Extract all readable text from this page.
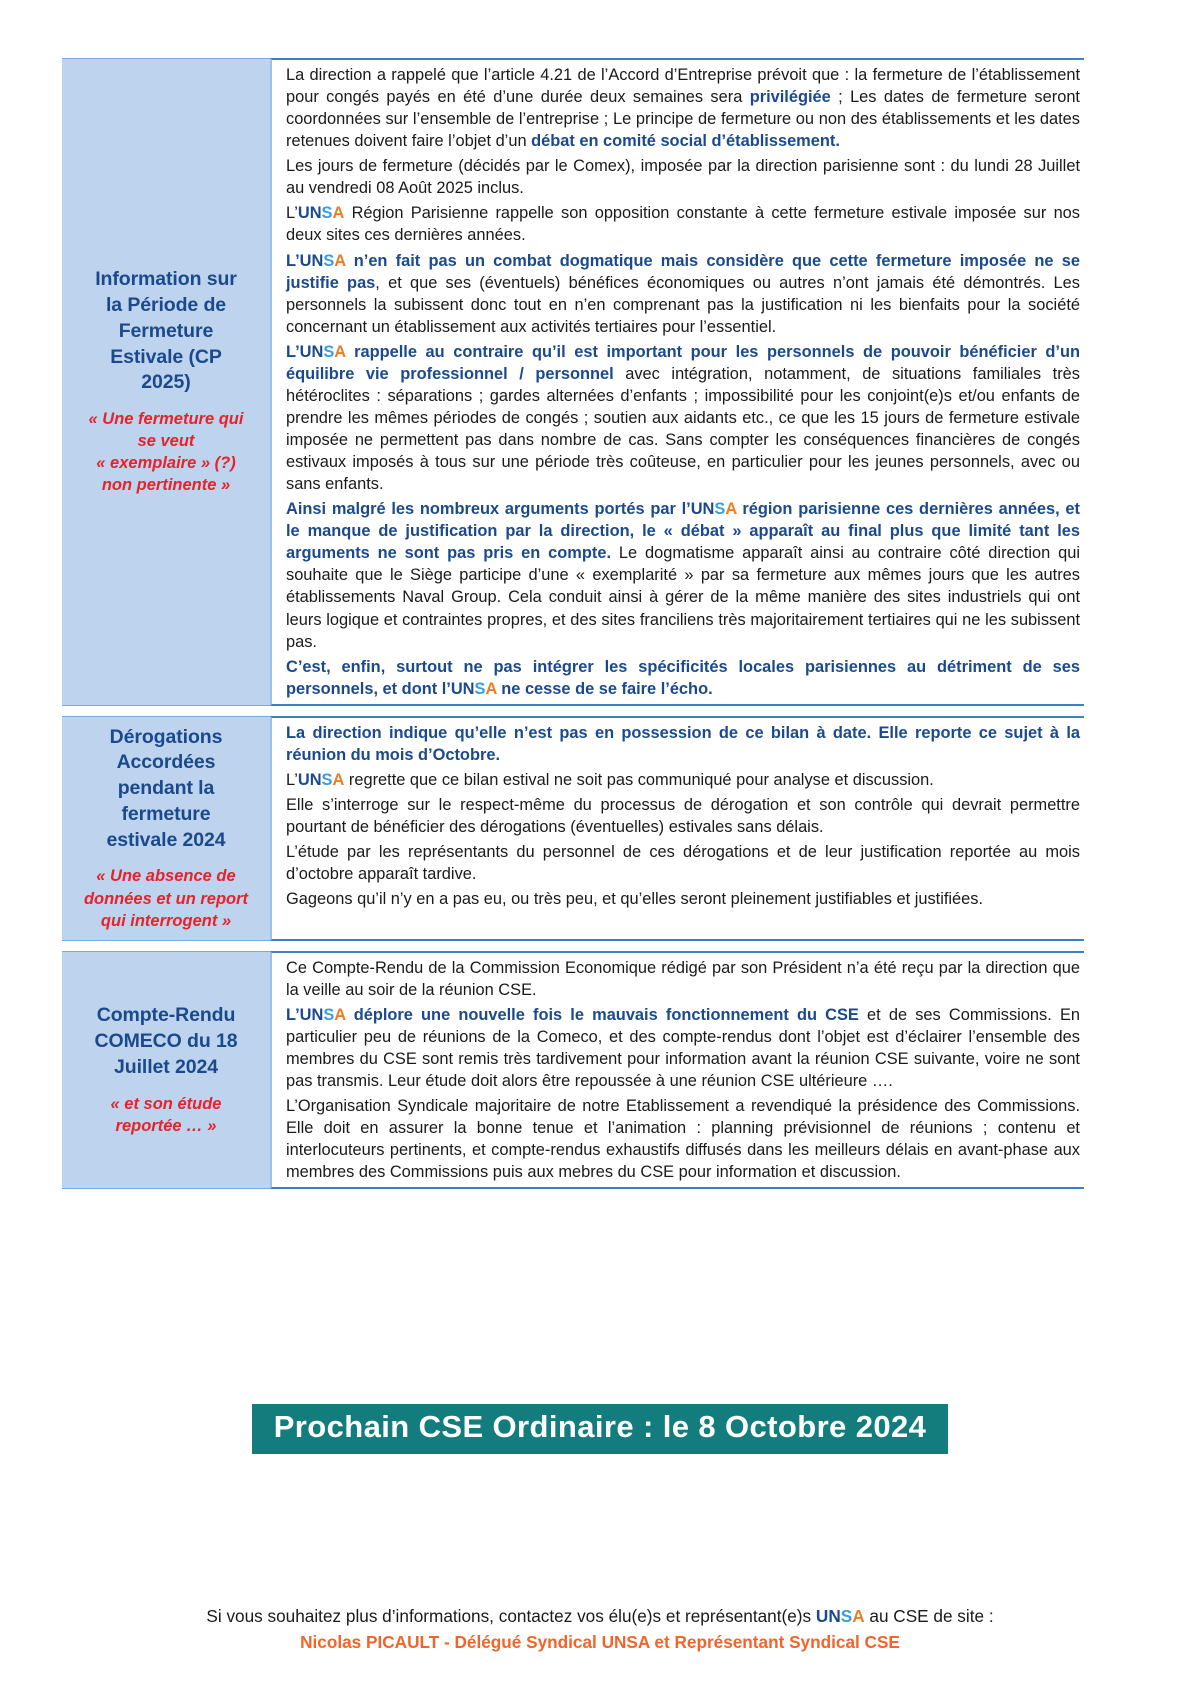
Information sur
la Période de
Fermeture
Estivale (CP
2025)
« Une fermeture qui
se veut
« exemplaire » (?)
non pertinente »

La direction a rappelé que l’article 4.21 de l’Accord d’Entreprise prévoit que : la fermeture de l’établissement pour congés payés en été d’une durée deux semaines sera privilégiée ; Les dates de fermeture seront coordonnées sur l’ensemble de l’entreprise ; Le principe de fermeture ou non des établissements et les dates retenues doivent faire l’objet d’un débat en comité social d’établissement.

Les jours de fermeture (décidés par le Comex), imposée par la direction parisienne sont : du lundi 28 Juillet au vendredi 08 Août 2025 inclus.

L’UNSA Région Parisienne rappelle son opposition constante à cette fermeture estivale imposée sur nos deux sites ces dernières années.

L’UNSA n’en fait pas un combat dogmatique mais considère que cette fermeture imposée ne se justifie pas, et que ses (éventuels) bénéfices économiques ou autres n’ont jamais été démontrés. Les personnels la subissent donc tout en n’en comprenant pas la justification ni les bienfaits pour la société concernant un établissement aux activités tertiaires pour l’essentiel.

L’UNSA rappelle au contraire qu’il est important pour les personnels de pouvoir bénéficier d’un équilibre vie professionnel / personnel avec intégration, notamment, de situations familiales très hétéroclites : séparations ; gardes alternées d’enfants ; impossibilité pour les conjoint(e)s et/ou enfants de prendre les mêmes périodes de congés ; soutien aux aidants etc., ce que les 15 jours de fermeture estivale imposée ne permettent pas dans nombre de cas. Sans compter les conséquences financières de congés estivaux imposés à tous sur une période très coûteuse, en particulier pour les jeunes personnels, avec ou sans enfants.

Ainsi malgré les nombreux arguments portés par l’UNSA région parisienne ces dernières années, et le manque de justification par la direction, le « débat » apparaît au final plus que limité tant les arguments ne sont pas pris en compte. Le dogmatisme apparaît ainsi au contraire côté direction qui souhaite que le Siège participe d’une « exemplarité » par sa fermeture aux mêmes jours que les autres établissements Naval Group. Cela conduit ainsi à gérer de la même manière des sites industriels qui ont leurs logique et contraintes propres, et des sites franciliens très majoritairement tertiaires qui ne les subissent pas.

C’est, enfin, surtout ne pas intégrer les spécificités locales parisiennes au détriment de ses personnels, et dont l’UNSA ne cesse de se faire l’écho.

Dérogations
Accordées
pendant la
fermeture
estivale 2024
« Une absence de
données et un report
qui interrogent »

La direction indique qu’elle n’est pas en possession de ce bilan à date. Elle reporte ce sujet à la réunion du mois d’Octobre.

L’UNSA regrette que ce bilan estival ne soit pas communiqué pour analyse et discussion.

Elle s’interroge sur le respect-même du processus de dérogation et son contrôle qui devrait permettre pourtant de bénéficier des dérogations (éventuelles) estivales sans délais.

L’étude par les représentants du personnel de ces dérogations et de leur justification reportée au mois d’octobre apparaît tardive.

Gageons qu’il n’y en a pas eu, ou très peu, et qu’elles seront pleinement justifiables et justifiées.

Compte-Rendu
COMECO du 18
Juillet 2024
« et son étude
reportée … »

Ce Compte-Rendu de la Commission Economique rédigé par son Président n’a été reçu par la direction que la veille au soir de la réunion CSE.

L’UNSA déplore une nouvelle fois le mauvais fonctionnement du CSE et de ses Commissions. En particulier peu de réunions de la Comeco, et des compte-rendus dont l’objet est d’éclairer l’ensemble des membres du CSE sont remis très tardivement pour information avant la réunion CSE suivante, voire ne sont pas transmis. Leur étude doit alors être repoussée à une réunion CSE ultérieure ….

L’Organisation Syndicale majoritaire de notre Etablissement a revendiqué la présidence des Commissions. Elle doit en assurer la bonne tenue et l’animation : planning prévisionnel de réunions ; contenu et interlocuteurs pertinents, et compte-rendus exhaustifs diffusés dans les meilleurs délais en avant-phase aux membres des Commissions puis aux mebres du CSE pour information et discussion.

Prochain CSE Ordinaire : le 8 Octobre 2024
Si vous souhaitez plus d’informations, contactez vos élu(e)s et représentant(e)s UNSA au CSE de site :
Nicolas PICAULT - Délégué Syndical UNSA et Représentant Syndical CSE
